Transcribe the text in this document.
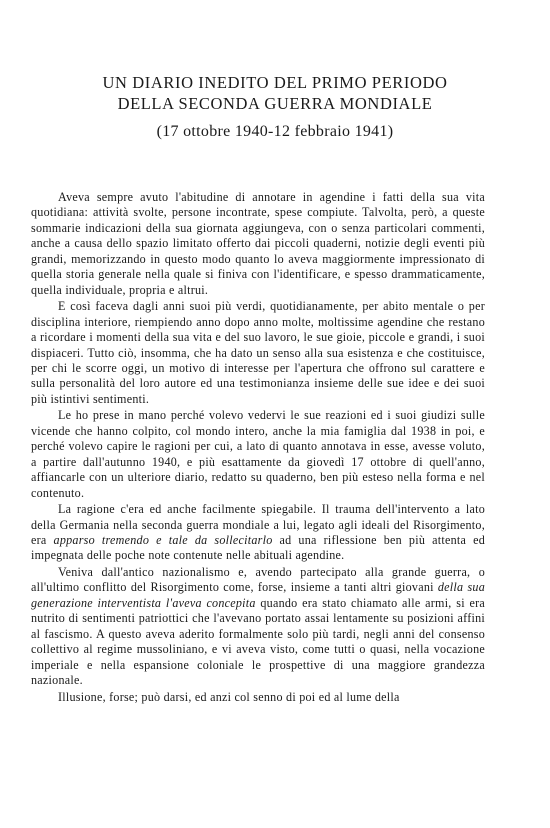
UN DIARIO INEDITO DEL PRIMO PERIODO
DELLA SECONDA GUERRA MONDIALE
(17 ottobre 1940-12 febbraio 1941)

Aveva sempre avuto l'abitudine di annotare in agendine i fatti della sua vita quotidiana: attività svolte, persone incontrate, spese compiute. Talvolta, però, a queste sommarie indicazioni della sua giornata aggiungeva, con o senza particolari commenti, anche a causa dello spazio limitato offerto dai piccoli quaderni, notizie degli eventi più grandi, memorizzando in questo modo quanto lo aveva maggiormente impressionato di quella storia generale nella quale si finiva con l'identificare, e spesso drammaticamente, quella individuale, propria e altrui.

E così faceva dagli anni suoi più verdi, quotidianamente, per abito mentale o per disciplina interiore, riempiendo anno dopo anno molte, moltissime agendine che restano a ricordare i momenti della sua vita e del suo lavoro, le sue gioie, piccole e grandi, i suoi dispiaceri. Tutto ciò, insomma, che ha dato un senso alla sua esistenza e che costituisce, per chi le scorre oggi, un motivo di interesse per l'apertura che offrono sul carattere e sulla personalità del loro autore ed una testimonianza insieme delle sue idee e dei suoi più istintivi sentimenti.

Le ho prese in mano perché volevo vedervi le sue reazioni ed i suoi giudizi sulle vicende che hanno colpito, col mondo intero, anche la mia famiglia dal 1938 in poi, e perché volevo capire le ragioni per cui, a lato di quanto annotava in esse, avesse voluto, a partire dall'autunno 1940, e più esattamente da giovedì 17 ottobre di quell'anno, affiancarle con un ulteriore diario, redatto su quaderno, ben più esteso nella forma e nel contenuto.

La ragione c'era ed anche facilmente spiegabile. Il trauma dell'intervento a lato della Germania nella seconda guerra mondiale a lui, legato agli ideali del Risorgimento, era apparso tremendo e tale da sollecitarlo ad una riflessione ben più attenta ed impegnata delle poche note contenute nelle abituali agendine.

Veniva dall'antico nazionalismo e, avendo partecipato alla grande guerra, o all'ultimo conflitto del Risorgimento come, forse, insieme a tanti altri giovani della sua generazione interventista l'aveva concepita quando era stato chiamato alle armi, si era nutrito di sentimenti patriottici che l'avevano portato assai lentamente su posizioni affini al fascismo. A questo aveva aderito formalmente solo più tardi, negli anni del consenso collettivo al regime mussoliniano, e vi aveva visto, come tutti o quasi, nella vocazione imperiale e nella espansione coloniale le prospettive di una maggiore grandezza nazionale.

Illusione, forse; può darsi, ed anzi col senno di poi ed al lume della
